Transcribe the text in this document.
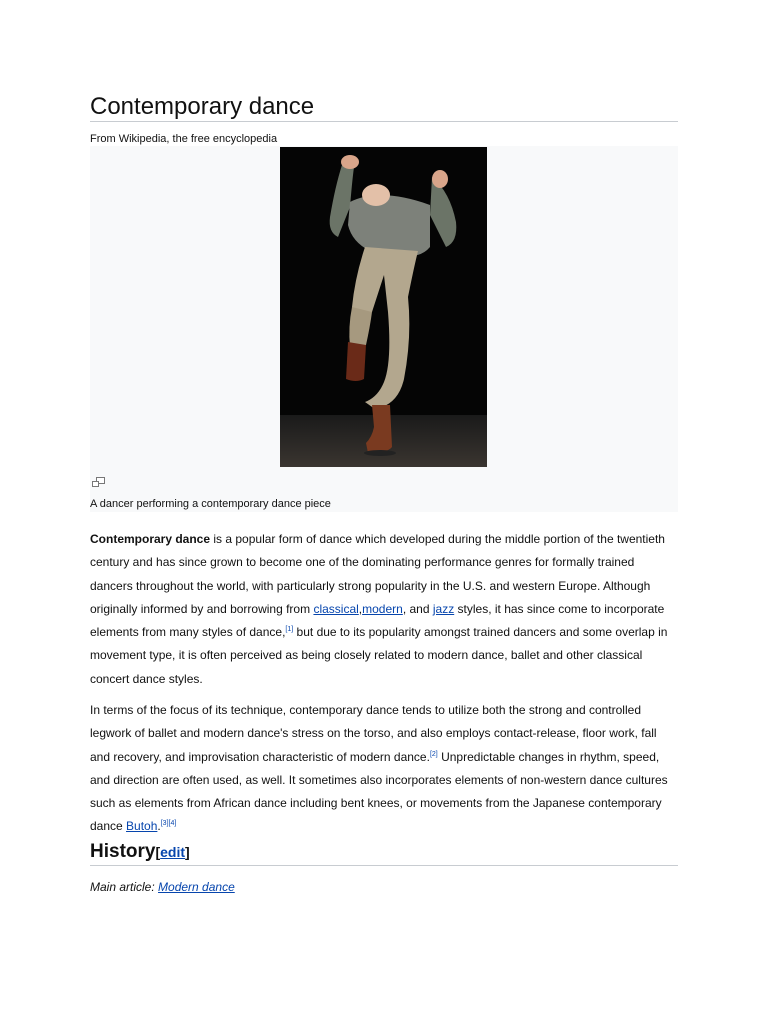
Contemporary dance
From Wikipedia, the free encyclopedia
A dancer performing a contemporary dance piece

Contemporary dance is a popular form of dance which developed during the middle portion of the twentieth century and has since grown to become one of the dominating performance genres for formally trained dancers throughout the world, with particularly strong popularity in the U.S. and western Europe. Although originally informed by and borrowing from classical,modern, and jazz styles, it has since come to incorporate elements from many styles of dance,[1] but due to its popularity amongst trained dancers and some overlap in movement type, it is often perceived as being closely related to modern dance, ballet and other classical concert dance styles.

In terms of the focus of its technique, contemporary dance tends to utilize both the strong and controlled legwork of ballet and modern dance's stress on the torso, and also employs contact-release, floor work, fall and recovery, and improvisation characteristic of modern dance.[2] Unpredictable changes in rhythm, speed, and direction are often used, as well. It sometimes also incorporates elements of non-western dance cultures such as elements from African dance including bent knees, or movements from the Japanese contemporary dance Butoh.[3][4]

History[edit]
Main article: Modern dance
